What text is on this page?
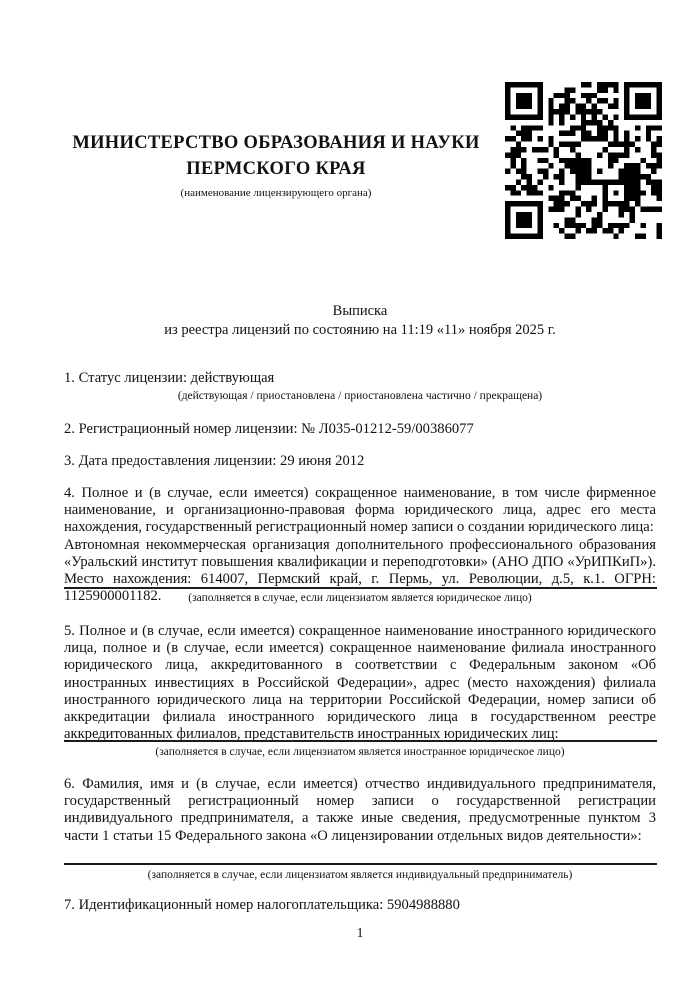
МИНИСТЕРСТВО ОБРАЗОВАНИЯ И НАУКИ
ПЕРМСКОГО КРАЯ
(наименование лицензирующего органа)
Выписка
из реестра лицензий по состоянию на 11:19 «11» ноября 2025 г.

1. Статус лицензии: действующая

(действующая / приостановлена / приостановлена частично / прекращена)

2. Регистрационный номер лицензии: № Л035-01212-59/00386077

3. Дата предоставления лицензии: 29 июня 2012

4. Полное и (в случае, если имеется) сокращенное наименование, в том числе фирменное наименование, и организационно-правовая форма юридического лица, адрес его места нахождения, государственный регистрационный номер записи о создании юридического лица:

Автономная некоммерческая организация дополнительного профессионального образования «Уральский институт повышения квалификации и переподготовки» (АНО ДПО «УрИПКиП»). Место нахождения: 614007, Пермский край, г. Пермь, ул. Революции, д.5, к.1. ОГРН: 1125900001182.	(заполняется в случае, если лицензиатом является юридическое лицо)

5. Полное и (в случае, если имеется) сокращенное наименование иностранного юридического лица, полное и (в случае, если имеется) сокращенное наименование филиала иностранного юридического лица, аккредитованного в соответствии с Федеральным законом «Об иностранных инвестициях в Российской Федерации», адрес (место нахождения) филиала иностранного юридического лица на территории Российской Федерации, номер записи об аккредитации филиала иностранного юридического лица в государственном реестре аккредитованных филиалов, представительств иностранных юридических лиц:

(заполняется в случае, если лицензиатом является иностранное юридическое лицо)

6. Фамилия, имя и (в случае, если имеется) отчество индивидуального предпринимателя, государственный регистрационный номер записи о государственной регистрации индивидуального предпринимателя, а также иные сведения, предусмотренные пунктом 3 части 1 статьи 15 Федерального закона «О лицензировании отдельных видов деятельности»:

(заполняется в случае, если лицензиатом является индивидуальный предприниматель)

7. Идентификационный номер налогоплательщика: 5904988880

1
